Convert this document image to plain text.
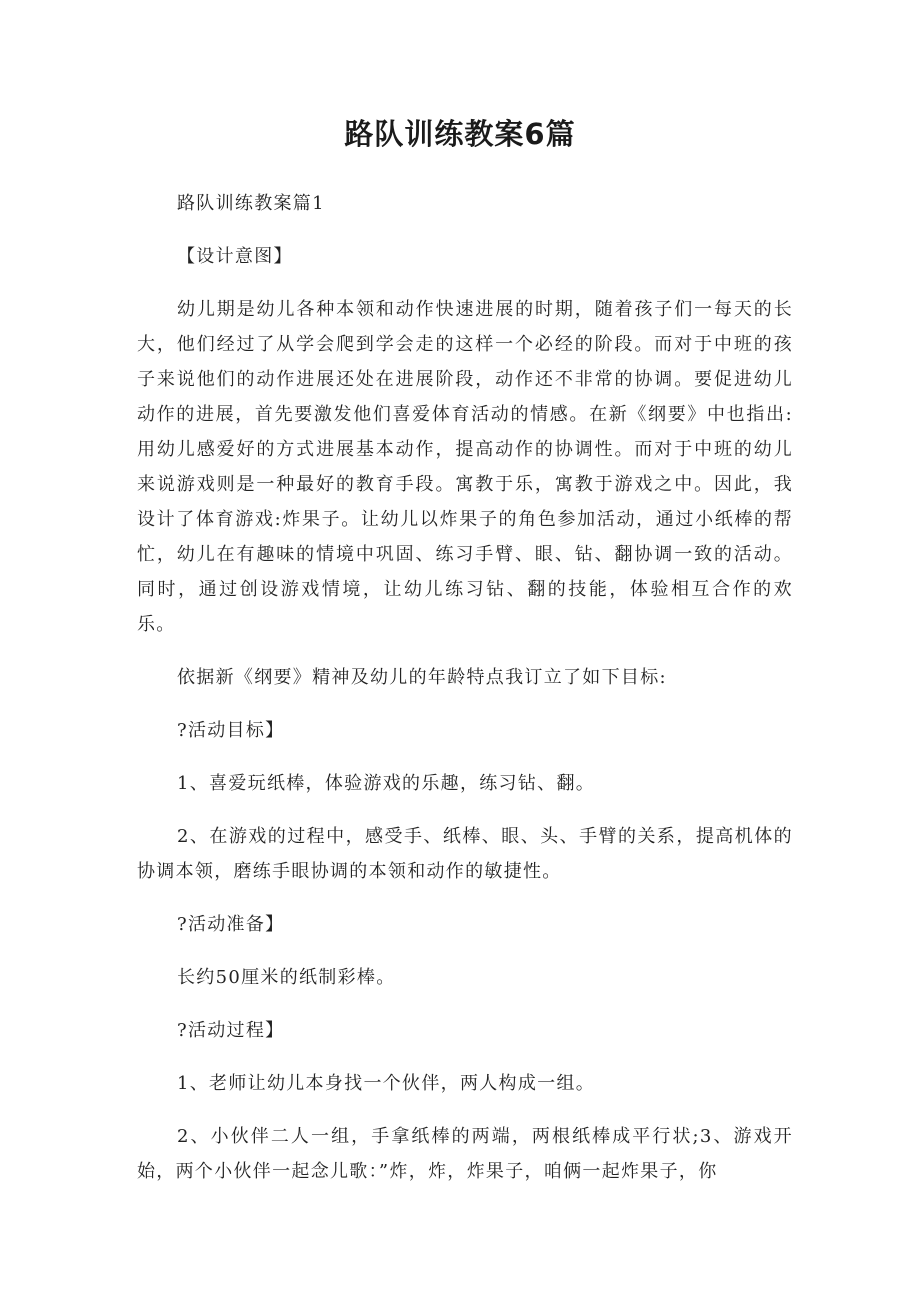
路队训练教案6篇

路队训练教案篇1

【设计意图】

幼儿期是幼儿各种本领和动作快速进展的时期，随着孩子们一每天的长大，他们经过了从学会爬到学会走的这样一个必经的阶段。而对于中班的孩子来说他们的动作进展还处在进展阶段，动作还不非常的协调。要促进幼儿动作的进展，首先要激发他们喜爱体育活动的情感。在新《纲要》中也指出:用幼儿感爱好的方式进展基本动作，提高动作的协调性。而对于中班的幼儿来说游戏则是一种最好的教育手段。寓教于乐，寓教于游戏之中。因此，我设计了体育游戏:炸果子。让幼儿以炸果子的角色参加活动，通过小纸棒的帮忙，幼儿在有趣味的情境中巩固、练习手臂、眼、钻、翻协调一致的活动。同时，通过创设游戏情境，让幼儿练习钻、翻的技能，体验相互合作的欢乐。

依据新《纲要》精神及幼儿的年龄特点我订立了如下目标:

?活动目标】

1、喜爱玩纸棒，体验游戏的乐趣，练习钻、翻。

2、在游戏的过程中，感受手、纸棒、眼、头、手臂的关系，提高机体的协调本领，磨练手眼协调的本领和动作的敏捷性。

?活动准备】

长约50厘米的纸制彩棒。

?活动过程】

1、老师让幼儿本身找一个伙伴，两人构成一组。

2、小伙伴二人一组，手拿纸棒的两端，两根纸棒成平行状;3、游戏开始，两个小伙伴一起念儿歌：”炸，炸，炸果子，咱俩一起炸果子，你
